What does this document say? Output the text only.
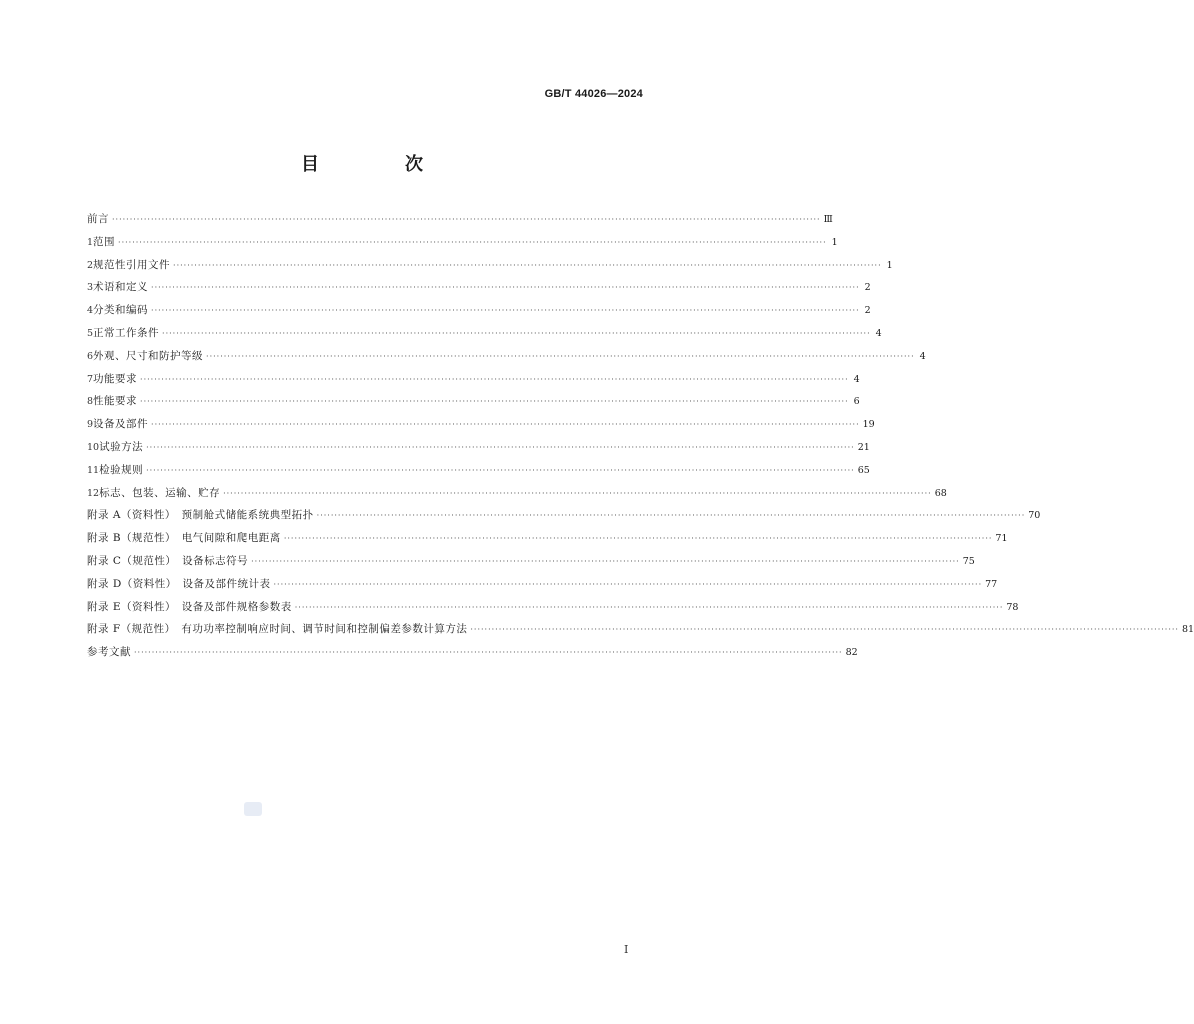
GB/T 44026—2024
目　次
前言 ········································································································································································································ Ⅲ
1 范围 ········································································································································································································ 1
2 规范性引用文件 ········································································································································································································ 1
3 术语和定义 ········································································································································································································ 2
4 分类和编码 ········································································································································································································ 2
5 正常工作条件 ········································································································································································································ 4
6 外观、尺寸和防护等级 ········································································································································································································ 4
7 功能要求 ········································································································································································································ 4
8 性能要求 ········································································································································································································ 6
9 设备及部件 ········································································································································································································ 19
10 试验方法 ········································································································································································································ 21
11 检验规则 ········································································································································································································ 65
12 标志、包装、运输、贮存 ········································································································································································································ 68
附录 A（资料性）　预制舱式储能系统典型拓扑 ········································································································································································································ 70
附录 B（规范性）　电气间隙和爬电距离 ········································································································································································································ 71
附录 C（规范性）　设备标志符号 ········································································································································································································ 75
附录 D（资料性）　设备及部件统计表 ········································································································································································································ 77
附录 E（资料性）　设备及部件规格参数表 ········································································································································································································ 78
附录 F（规范性）　有功功率控制响应时间、调节时间和控制偏差参数计算方法 ········································································································································································································ 81
参考文献 ········································································································································································································ 82
Ⅰ
